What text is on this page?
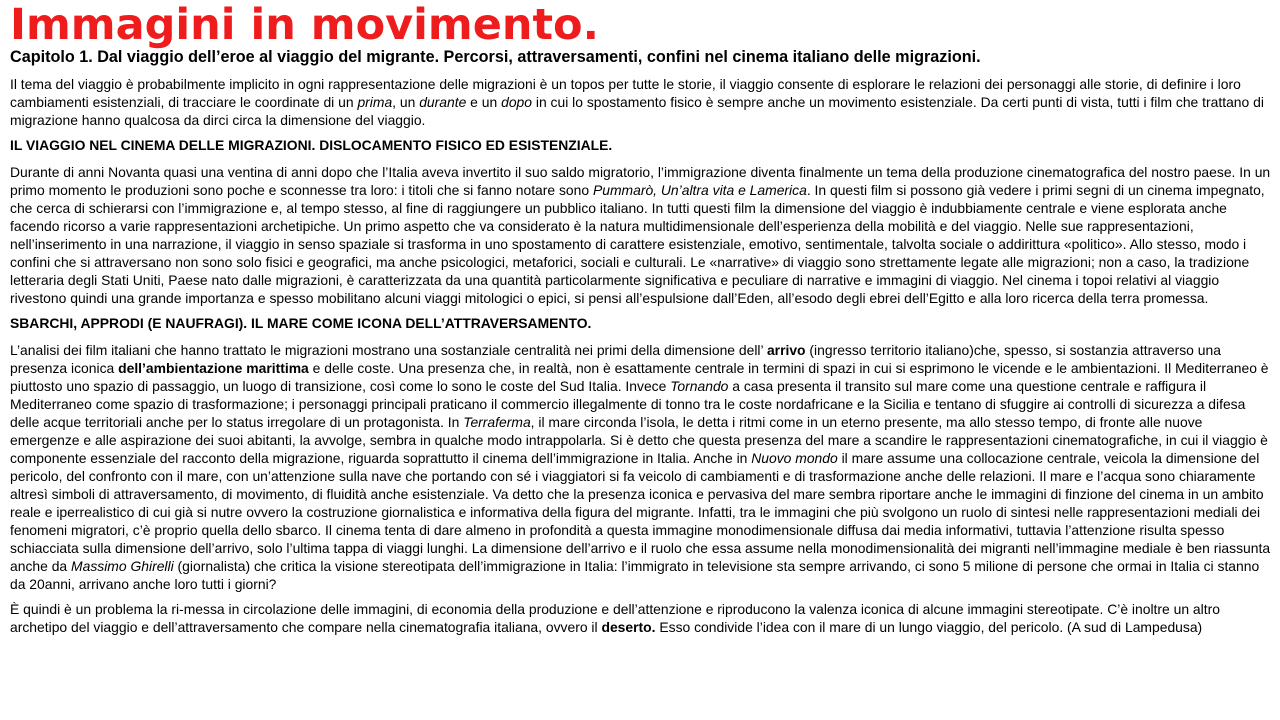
Immagini in movimento.

Capitolo 1. Dal viaggio dell’eroe al viaggio del migrante. Percorsi, attraversamenti, confini nel cinema italiano delle migrazioni.

Il tema del viaggio è probabilmente implicito in ogni rappresentazione delle migrazioni è un topos per tutte le storie, il viaggio consente di esplorare le relazioni dei personaggi alle storie, di definire i loro cambiamenti esistenziali, di tracciare le coordinate di un prima, un durante e un dopo in cui lo spostamento fisico è sempre anche un movimento esistenziale. Da certi punti di vista, tutti i film che trattano di migrazione hanno qualcosa da dirci circa la dimensione del viaggio.

IL VIAGGIO NEL CINEMA DELLE MIGRAZIONI. DISLOCAMENTO FISICO ED ESISTENZIALE.

Durante di anni Novanta quasi una ventina di anni dopo che l’Italia aveva invertito il suo saldo migratorio, l’immigrazione diventa finalmente un tema della produzione cinematografica del nostro paese. In un primo momento le produzioni sono poche e sconnesse tra loro: i titoli che si fanno notare sono Pummarò, Un’altra vita e Lamerica. In questi film si possono già vedere i primi segni di un cinema impegnato, che cerca di schierarsi con l’immigrazione e, al tempo stesso, al fine di raggiungere un pubblico italiano. In tutti questi film la dimensione del viaggio è indubbiamente centrale e viene esplorata anche facendo ricorso a varie rappresentazioni archetipiche. Un primo aspetto che va considerato è la natura multidimensionale dell’esperienza della mobilità e del viaggio. Nelle sue rappresentazioni, nell’inserimento in una narrazione, il viaggio in senso spaziale si trasforma in uno spostamento di carattere esistenziale, emotivo, sentimentale, talvolta sociale o addirittura «politico». Allo stesso, modo i confini che si attraversano non sono solo fisici e geografici, ma anche psicologici, metaforici, sociali e culturali. Le «narrative» di viaggio sono strettamente legate alle migrazioni; non a caso, la tradizione letteraria degli Stati Uniti, Paese nato dalle migrazioni, è caratterizzata da una quantità particolarmente significativa e peculiare di narrative e immagini di viaggio. Nel cinema i topoi relativi al viaggio rivestono quindi una grande importanza e spesso mobilitano alcuni viaggi mitologici o epici, si pensi all’espulsione dall’Eden, all’esodo degli ebrei dell’Egitto e alla loro ricerca della terra promessa.

SBARCHI, APPRODI (E NAUFRAGI). IL MARE COME ICONA DELL’ATTRAVERSAMENTO.

L’analisi dei film italiani che hanno trattato le migrazioni mostrano una sostanziale centralità nei primi della dimensione dell’ arrivo (ingresso territorio italiano)che, spesso, si sostanzia attraverso una presenza iconica dell’ambientazione marittima e delle coste. Una presenza che, in realtà, non è esattamente centrale in termini di spazi in cui si esprimono le vicende e le ambientazioni. Il Mediterraneo è piuttosto uno spazio di passaggio, un luogo di transizione, così come lo sono le coste del Sud Italia. Invece Tornando a casa presenta il transito sul mare come una questione centrale e raffigura il Mediterraneo come spazio di trasformazione; i personaggi principali praticano il commercio illegalmente di tonno tra le coste nordafricane e la Sicilia e tentano di sfuggire ai controlli di sicurezza a difesa delle acque territoriali anche per lo status irregolare di un protagonista. In Terraferma, il mare circonda l’isola, le detta i ritmi come in un eterno presente, ma allo stesso tempo, di fronte alle nuove emergenze e alle aspirazione dei suoi abitanti, la avvolge, sembra in qualche modo intrappolarla. Si è detto che questa presenza del mare a scandire le rappresentazioni cinematografiche, in cui il viaggio è componente essenziale del racconto della migrazione, riguarda soprattutto il cinema dell’immigrazione in Italia. Anche in Nuovo mondo il mare assume una collocazione centrale, veicola la dimensione del pericolo, del confronto con il mare, con un’attenzione sulla nave che portando con sé i viaggiatori si fa veicolo di cambiamenti e di trasformazione anche delle relazioni. Il mare e l’acqua sono chiaramente altresì simboli di attraversamento, di movimento, di fluidità anche esistenziale. Va detto che la presenza iconica e pervasiva del mare sembra riportare anche le immagini di finzione del cinema in un ambito reale e iperrealistico di cui già si nutre ovvero la costruzione giornalistica e informativa della figura del migrante. Infatti, tra le immagini che più svolgono un ruolo di sintesi nelle rappresentazioni mediali dei fenomeni migratori, c’è proprio quella dello sbarco. Il cinema tenta di dare almeno in profondità a questa immagine monodimensionale diffusa dai media informativi, tuttavia l’attenzione risulta spesso schiacciata sulla dimensione dell’arrivo, solo l’ultima tappa di viaggi lunghi. La dimensione dell’arrivo e il ruolo che essa assume nella monodimensionalità dei migranti nell’immagine mediale è ben riassunta anche da Massimo Ghirelli (giornalista) che critica la visione stereotipata dell’immigrazione in Italia: l’immigrato in televisione sta sempre arrivando, ci sono 5 milione di persone che ormai in Italia ci stanno da 20anni, arrivano anche loro tutti i giorni?

È quindi è un problema la ri-messa in circolazione delle immagini, di economia della produzione e dell’attenzione e riproducono la valenza iconica di alcune immagini stereotipate. C’è inoltre un altro archetipo del viaggio e dell’attraversamento che compare nella cinematografia italiana, ovvero il deserto. Esso condivide l’idea con il mare di un lungo viaggio, del pericolo. (A sud di Lampedusa)
